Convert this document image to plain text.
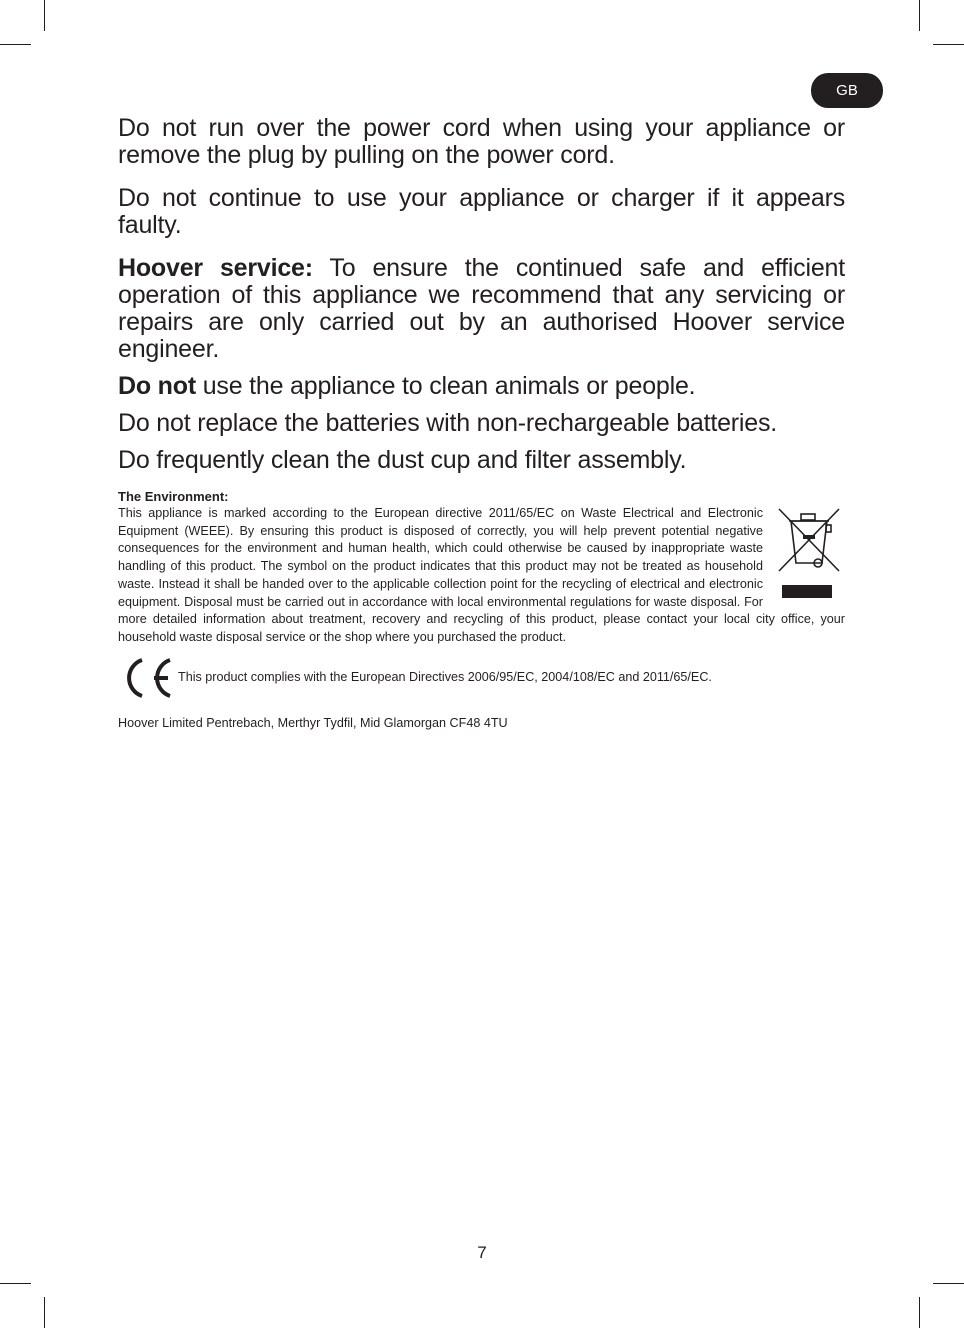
GB

Do not run over the power cord when using your appliance or remove the plug by pulling on the power cord.

Do not continue to use your appliance or charger if it appears faulty.

Hoover service: To ensure the continued safe and efficient operation of this appliance we recommend that any servicing or repairs are only carried out by an authorised Hoover service engineer.

Do not use the appliance to clean animals or people.

Do not replace the batteries with non-rechargeable batteries.

Do frequently clean the dust cup and filter assembly.

The Environment:

This appliance is marked according to the European directive 2011/65/EC on Waste Electrical and Electronic Equipment (WEEE). By ensuring this product is disposed of correctly, you will help prevent potential negative consequences for the environment and human health, which could otherwise be caused by inappropriate waste handling of this product. The symbol on the product indicates that this product may not be treated as household waste. Instead it shall be handed over to the applicable collection point for the recycling of electrical and electronic equipment. Disposal must be carried out in accordance with local environmental regulations for waste disposal. For more detailed information about treatment, recovery and recycling of this product, please contact your local city office, your household waste disposal service or the shop where you purchased the product.
This product complies with the European Directives 2006/95/EC, 2004/108/EC and 2011/65/EC.
Hoover Limited Pentrebach, Merthyr Tydfil, Mid Glamorgan CF48 4TU
7
